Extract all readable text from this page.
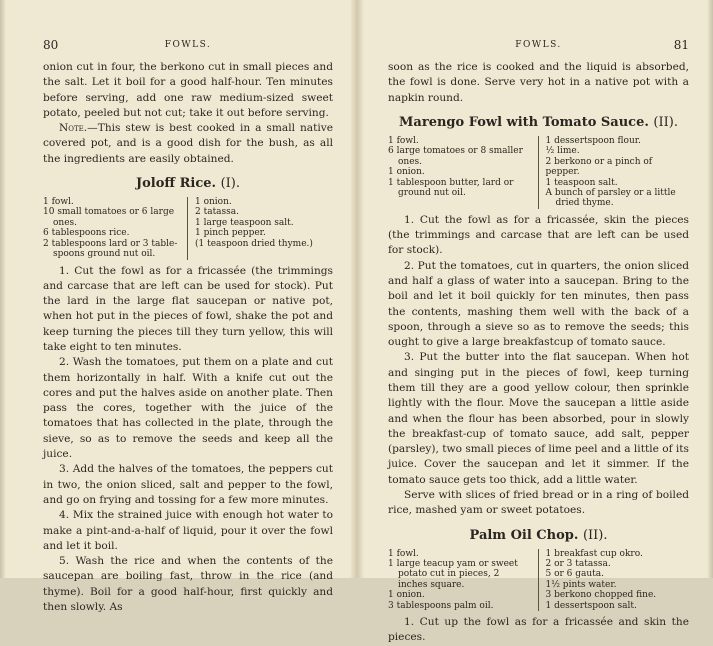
80	FOWLS.

onion cut in four, the berkono cut in small pieces and the salt. Let it boil for a good half-hour. Ten minutes before serving, add one raw medium-sized sweet potato, peeled but not cut; take it out before serving.

Note.—This stew is best cooked in a small native covered pot, and is a good dish for the bush, as all the ingredients are easily obtained.

Joloff Rice. (I).
1 fowl.
10 small tomatoes or 6 large
ones.
6 tablespoons rice.
2 tablespoons lard or 3 table-
spoons ground nut oil.
1 onion.
2 tatassa.
1 large teaspoon salt.
1 pinch pepper.
(1 teaspoon dried thyme.)

1. Cut the fowl as for a fricassée (the trimmings and carcase that are left can be used for stock). Put the lard in the large flat saucepan or native pot, when hot put in the pieces of fowl, shake the pot and keep turning the pieces till they turn yellow, this will take eight to ten minutes.

2. Wash the tomatoes, put them on a plate and cut them horizontally in half. With a knife cut out the cores and put the halves aside on another plate. Then pass the cores, together with the juice of the tomatoes that has collected in the plate, through the sieve, so as to remove the seeds and keep all the juice.

3. Add the halves of the tomatoes, the peppers cut in two, the onion sliced, salt and pepper to the fowl, and go on frying and tossing for a few more minutes.

4. Mix the strained juice with enough hot water to make a pint-and-a-half of liquid, pour it over the fowl and let it boil.

5. Wash the rice and when the contents of the saucepan are boiling fast, throw in the rice (and thyme). Boil for a good half-hour, first quickly and then slowly. As

FOWLS.	81

soon as the rice is cooked and the liquid is absorbed, the fowl is done. Serve very hot in a native pot with a napkin round.

Marengo Fowl with Tomato Sauce. (II).
1 fowl.
6 large tomatoes or 8 smaller
ones.
1 onion.
1 tablespoon butter, lard or
ground nut oil.
1 dessertspoon flour.
½ lime.
2 berkono or a pinch of pepper.
1 teaspoon salt.
A bunch of parsley or a little
dried thyme.

1. Cut the fowl as for a fricassée, skin the pieces (the trimmings and carcase that are left can be used for stock).

2. Put the tomatoes, cut in quarters, the onion sliced and half a glass of water into a saucepan. Bring to the boil and let it boil quickly for ten minutes, then pass the contents, mashing them well with the back of a spoon, through a sieve so as to remove the seeds; this ought to give a large breakfastcup of tomato sauce.

3. Put the butter into the flat saucepan. When hot and singing put in the pieces of fowl, keep turning them till they are a good yellow colour, then sprinkle lightly with the flour. Move the saucepan a little aside and when the flour has been absorbed, pour in slowly the breakfast-cup of tomato sauce, add salt, pepper (parsley), two small pieces of lime peel and a little of its juice. Cover the saucepan and let it simmer. If the tomato sauce gets too thick, add a little water.

Serve with slices of fried bread or in a ring of boiled rice, mashed yam or sweet potatoes.

Palm Oil Chop. (II).
1 fowl.
1 large teacup yam or sweet
potato cut in pieces, 2
inches square.
1 onion.
3 tablespoons palm oil.
1 breakfast cup okro.
2 or 3 tatassa.
5 or 6 gauta.
1½ pints water.
3 berkono chopped fine.
1 dessertspoon salt.

1. Cut up the fowl as for a fricassée and skin the pieces.
